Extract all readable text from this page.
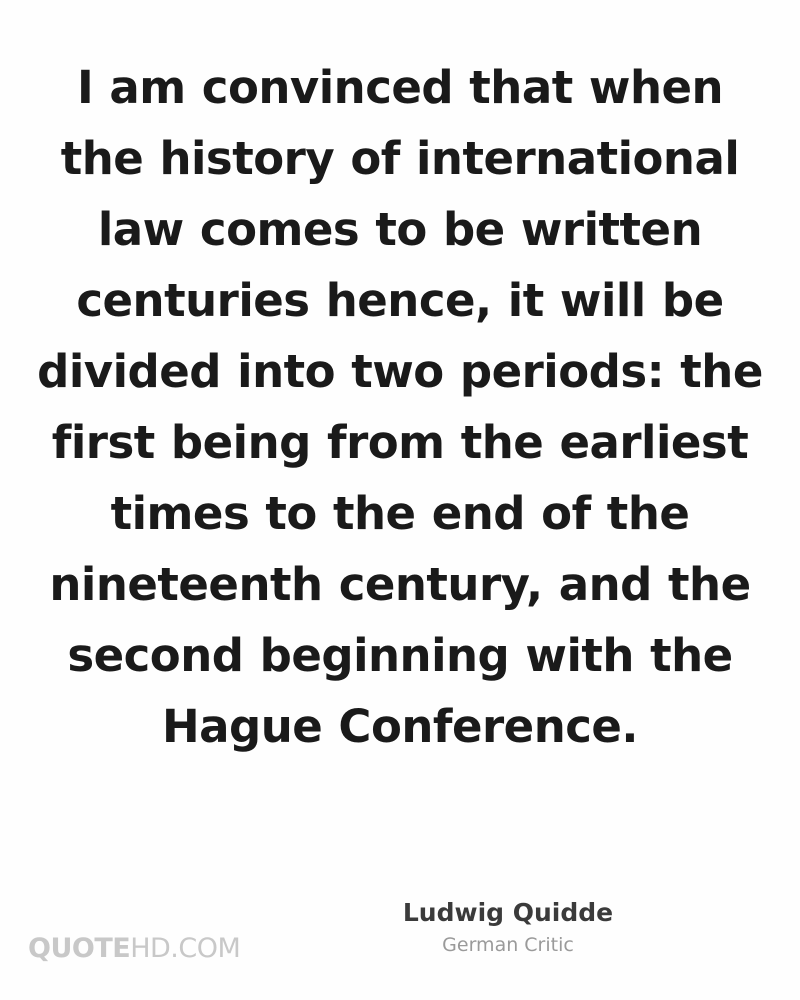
I am convinced that when the history of international law comes to be written centuries hence, it will be divided into two periods: the first being from the earliest times to the end of the nineteenth century, and the second beginning with the Hague Conference.
Ludwig Quidde
German Critic
QUOTEHD.COM
